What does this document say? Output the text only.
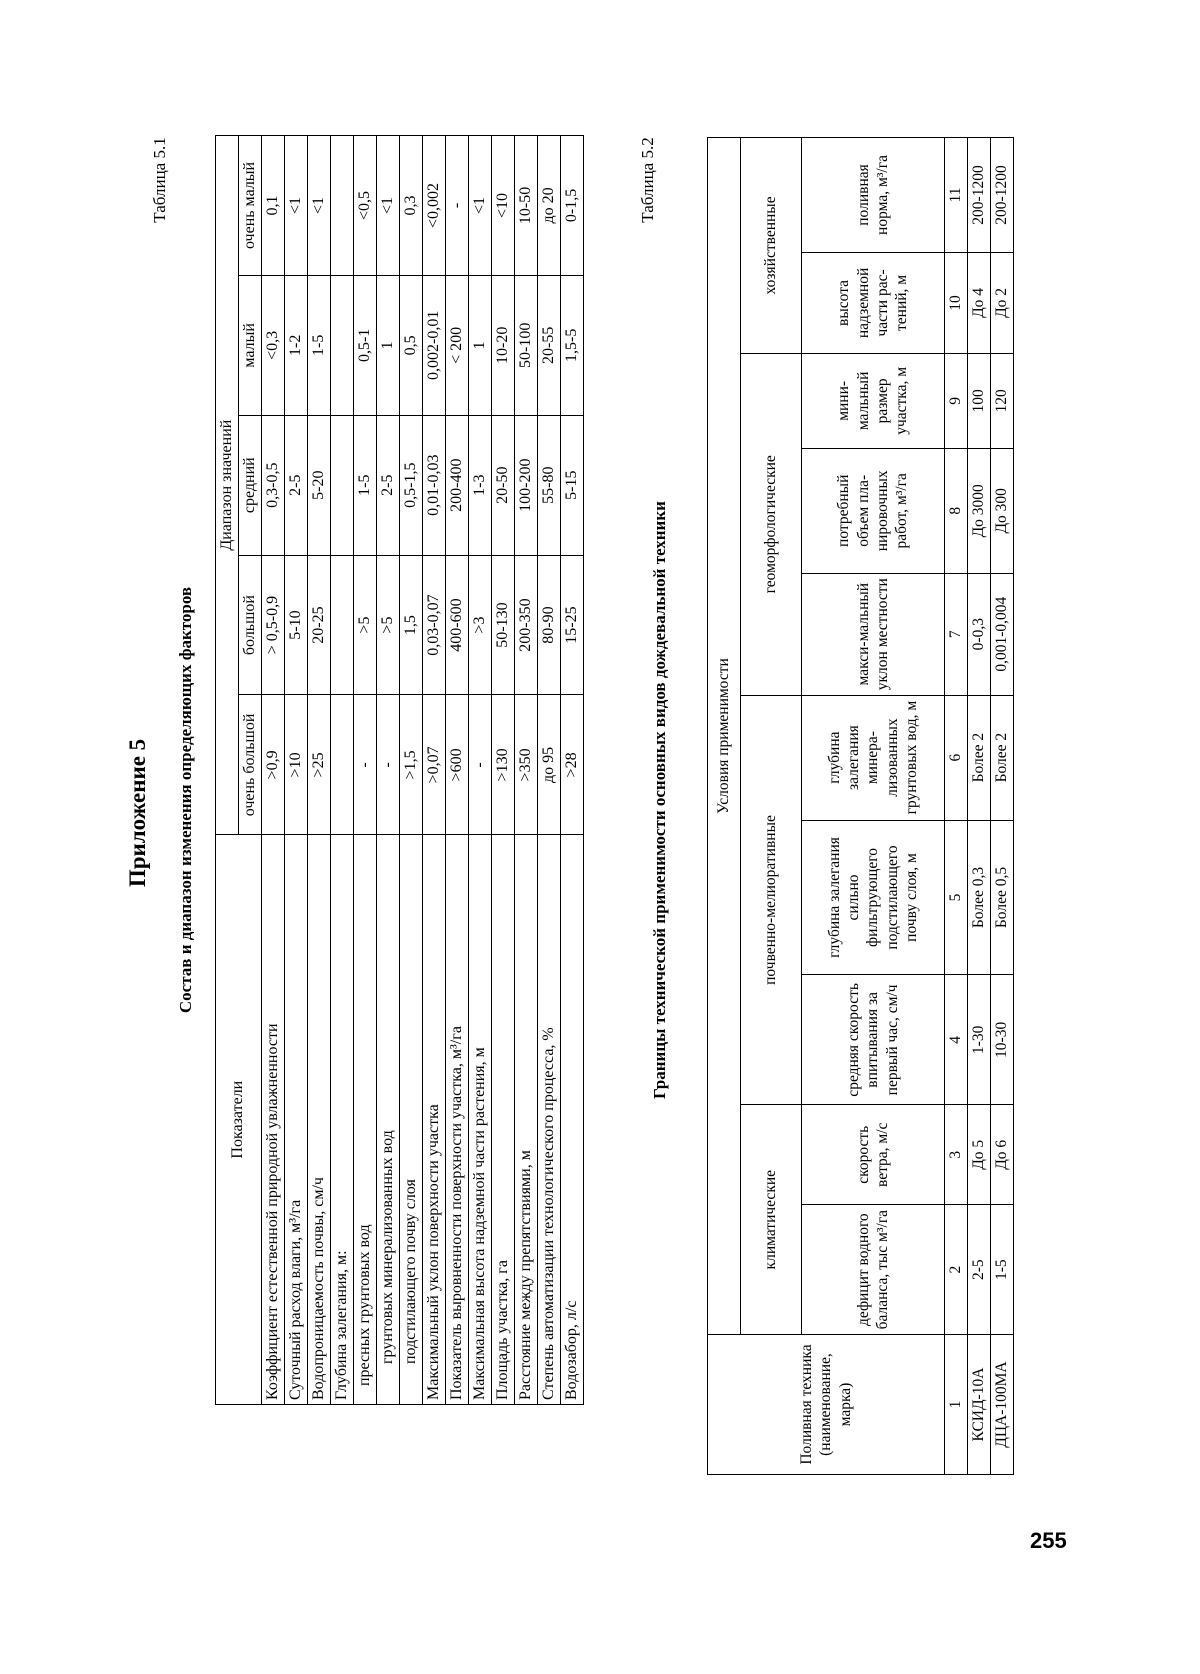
255
Приложение 5
Таблица 5.1
Состав и диапазон изменения определяющих факторов
Показатели	Диапазон значений				
	очень большой	большой	средний	малый	очень малый
Коэффициент естественной природной увлажненности	>0,9	> 0,5-0,9	0,3-0,5	<0,3	0,1
Суточный расход влаги, м³/га	>10	5-10	2-5	1-2	<1
Водопроницаемость почвы, см/ч	>25	20-25	5-20	1-5	<1
Глубина залегания, м:					
пресных грунтовых вод	-	>5	1-5	0,5-1	<0,5
грунтовых минерализованных вод	-	>5	2-5	1	<1
подстилающего почву слоя	>1,5	1,5	0,5-1,5	0,5	0,3
Максимальный уклон поверхности участка	>0,07	0,03-0,07	0,01-0,03	0,002-0,01	<0,002
Показатель выровненности поверхности участка, м³/га	>600	400-600	200-400	< 200	-
Максимальная высота надземной части растения, м	-	>3	1-3	1	<1
Площадь участка, га	>130	50-130	20-50	10-20	<10
Расстояние между препятствиями, м	>350	200-350	100-200	50-100	10-50
Степень автоматизации технологического процесса, %	до 95	80-90	55-80	20-55	до 20
Водозабор, л/с	>28	15-25	5-15	1,5-5	0-1,5	Таблица 5.2
Границы технической применимости основных видов дождевальной техники
Поливная техника (наименование, марка)	Условия применимости									
	климатические		почвенно-мелиоративные			геоморфологические			хозяйственные	
	дефицит водного баланса, тыс м³/га	скорость ветра, м/с	средняя скорость впитывания за первый час, см/ч	глубина залегания сильно фильтрующего подстилающего почву слоя, м	глубина залегания минера-лизованных грунтовых вод, м	макси-мальный уклон местности	потребный объем пла-нировочных работ, м³/га	мини-мальный размер участка, м	высота надземной части рас-тений, м	поливная норма, м³/га
1	2	3	4	5	6	7	8	9	10	11
КСИД-10А	2-5	До 5	1-30	Более 0,3	Более 2	0-0,3	До 3000	100	До 4	200-1200
ДЦА-100МА	1-5	До 6	10-30	Более 0,5	Более 2	0,001-0,004	До 300	120	До 2	200-1200
